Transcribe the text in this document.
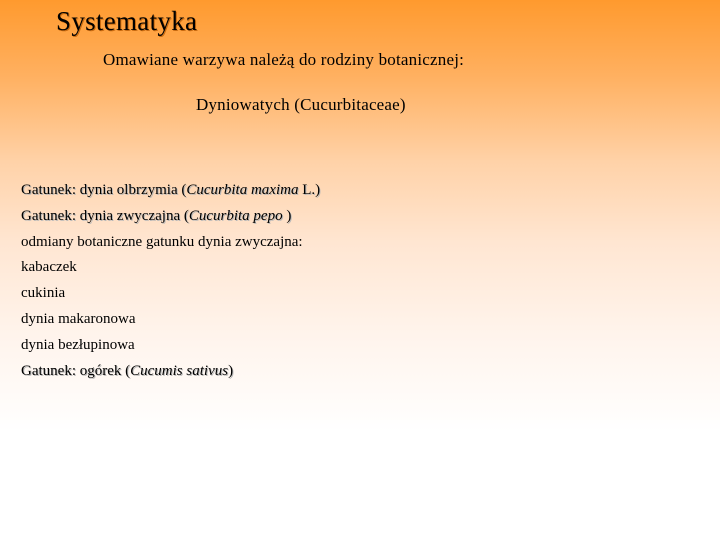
Systematyka
Omawiane warzywa należą do rodziny botanicznej:
Dyniowatych (Cucurbitaceae)
Gatunek: dynia olbrzymia (Cucurbita maxima L.)
Gatunek: dynia zwyczajna (Cucurbita pepo )
odmiany botaniczne gatunku dynia zwyczajna:
kabaczek
cukinia
dynia makaronowa
dynia bezłupinowa
Gatunek: ogórek (Cucumis sativus)
